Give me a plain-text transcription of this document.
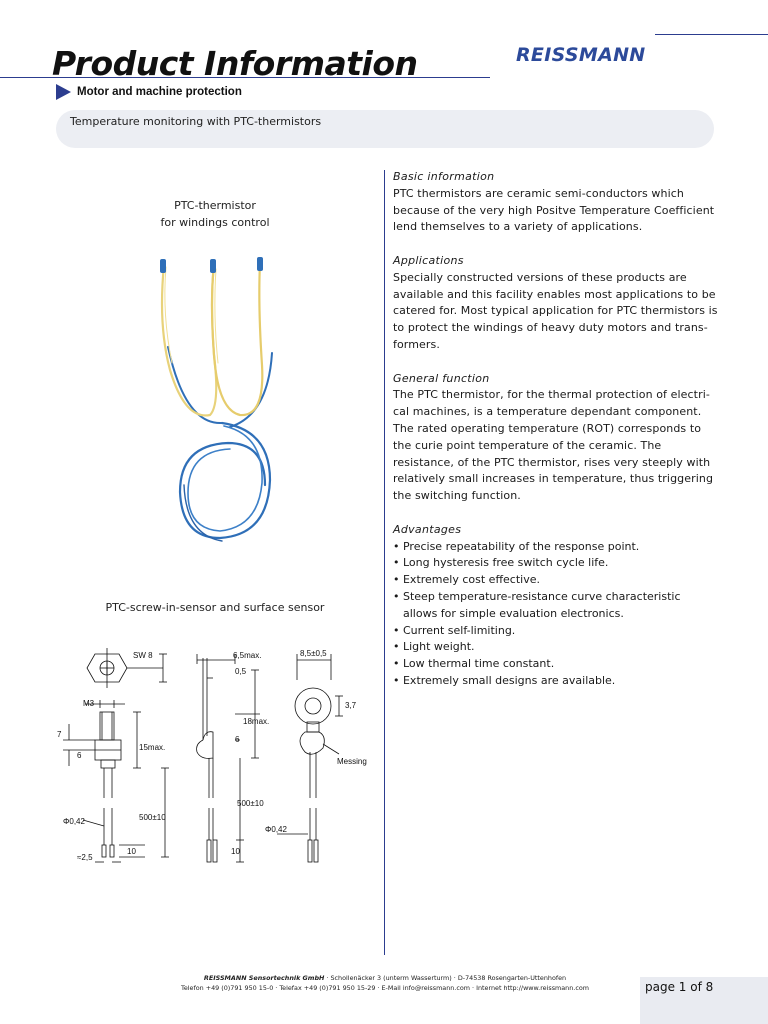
Product Information	REISSMANN
Motor and machine protection
Temperature monitoring with PTC-thermistors
PTC-thermistor
for windings control
PTC-screw-in-sensor and surface sensor
SW 8
M3
7
6
15max.
500±10
Φ0,42
10
≈2,5
6,5max.
0,5
18max.
6
500±10
Φ0,42
10
8,5±0,5
3,7
Messing
Basic information
PTC thermistors are ceramic semi-conductors which because of the very high Positve Temperature Coefficient lend themselves to a variety of applications.
Applications
Specially constructed versions of these products are available and this facility enables most applications to be catered for. Most typical application for PTC thermistors is to protect the windings of heavy duty motors and trans-formers.
General function
The PTC thermistor, for the thermal protection of electri-cal machines, is a temperature dependant component. The rated operating temperature (ROT) corresponds to the curie point temperature of the ceramic. The resistance, of the PTC thermistor, rises very steeply with relatively small increases in temperature, thus triggering the switching function.
Advantages
• Precise repeatability of the response point.
• Long hysteresis free switch cycle life.
• Extremely cost effective.
• Steep temperature-resistance curve characteristic allows for simple evaluation electronics.
• Current self-limiting.
• Light weight.
• Low thermal time constant.
• Extremely small designs are available.
REISSMANN Sensortechnik GmbH · Schollenäcker 3 (unterm Wasserturm) · D-74538 Rosengarten-Uttenhofen
Telefon +49 (0)791 950 15-0 · Telefax +49 (0)791 950 15-29 · E-Mail info@reissmann.com · Internet http://www.reissmann.com	page 1 of 8
